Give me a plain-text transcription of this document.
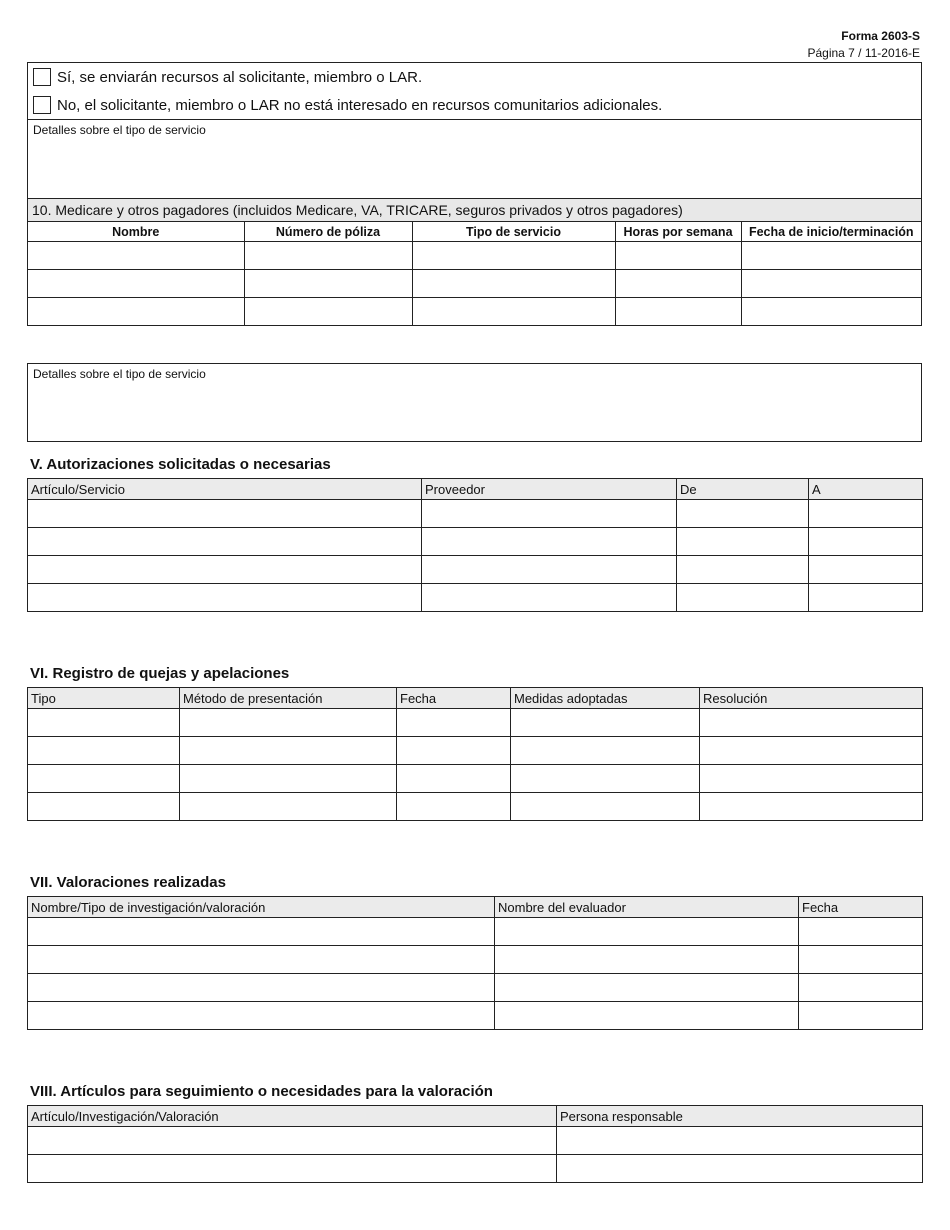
Forma 2603-S
Página 7 / 11-2016-E
Sí, se enviarán recursos al solicitante, miembro o LAR.
No, el solicitante, miembro o LAR no está interesado en recursos comunitarios adicionales.
Detalles sobre el tipo de servicio
10. Medicare y otros pagadores (incluidos Medicare, VA, TRICARE, seguros privados y otros pagadores)
Nombre	Número de póliza	Tipo de servicio	Horas por semana	Fecha de inicio/terminación

Detalles sobre el tipo de servicio
V. Autorizaciones solicitadas o necesarias
Artículo/Servicio	Proveedor	De	A

VI. Registro de quejas y apelaciones
Tipo	Método de presentación	Fecha	Medidas adoptadas	Resolución

VII. Valoraciones realizadas
Nombre/Tipo de investigación/valoración	Nombre del evaluador	Fecha

VIII. Artículos para seguimiento o necesidades para la valoración
Artículo/Investigación/Valoración	Persona responsable
